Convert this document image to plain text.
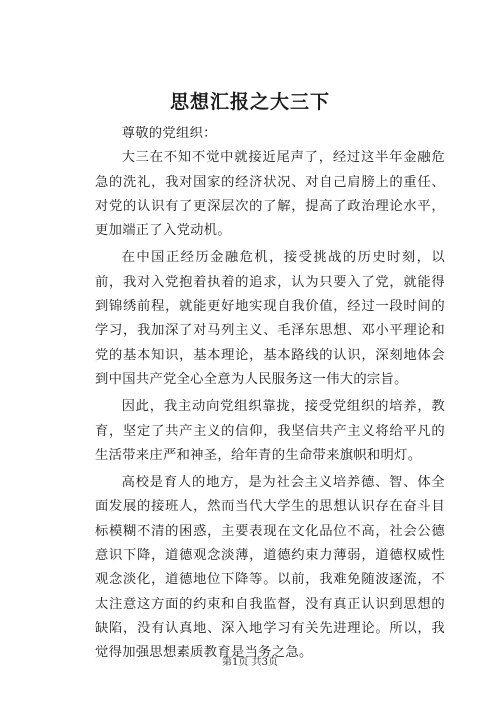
思想汇报之大三下

尊敬的党组织：

大三在不知不觉中就接近尾声了，经过这半年金融危急的洗礼，我对国家的经济状况、对自己肩膀上的重任、对党的认识有了更深层次的了解，提高了政治理论水平，更加端正了入党动机。

在中国正经历金融危机，接受挑战的历史时刻，以前，我对入党抱着执着的追求，认为只要入了党，就能得到锦绣前程，就能更好地实现自我价值，经过一段时间的学习，我加深了对马列主义、毛泽东思想、邓小平理论和党的基本知识，基本理论，基本路线的认识，深刻地体会到中国共产党全心全意为人民服务这一伟大的宗旨。

因此，我主动向党组织靠拢，接受党组织的培养，教育，坚定了共产主义的信仰，我坚信共产主义将给平凡的生活带来庄严和神圣，给年青的生命带来旗帜和明灯。

高校是育人的地方，是为社会主义培养德、智、体全面发展的接班人，然而当代大学生的思想认识存在奋斗目标模糊不清的困惑，主要表现在文化品位不高，社会公德意识下降，道德观念淡薄，道德约束力薄弱，道德权威性观念淡化，道德地位下降等。以前，我难免随波逐流，不太注意这方面的约束和自我监督，没有真正认识到思想的缺陷，没有认真地、深入地学习有关先进理论。所以，我觉得加强思想素质教育是当务之急。

第1页 共3页
